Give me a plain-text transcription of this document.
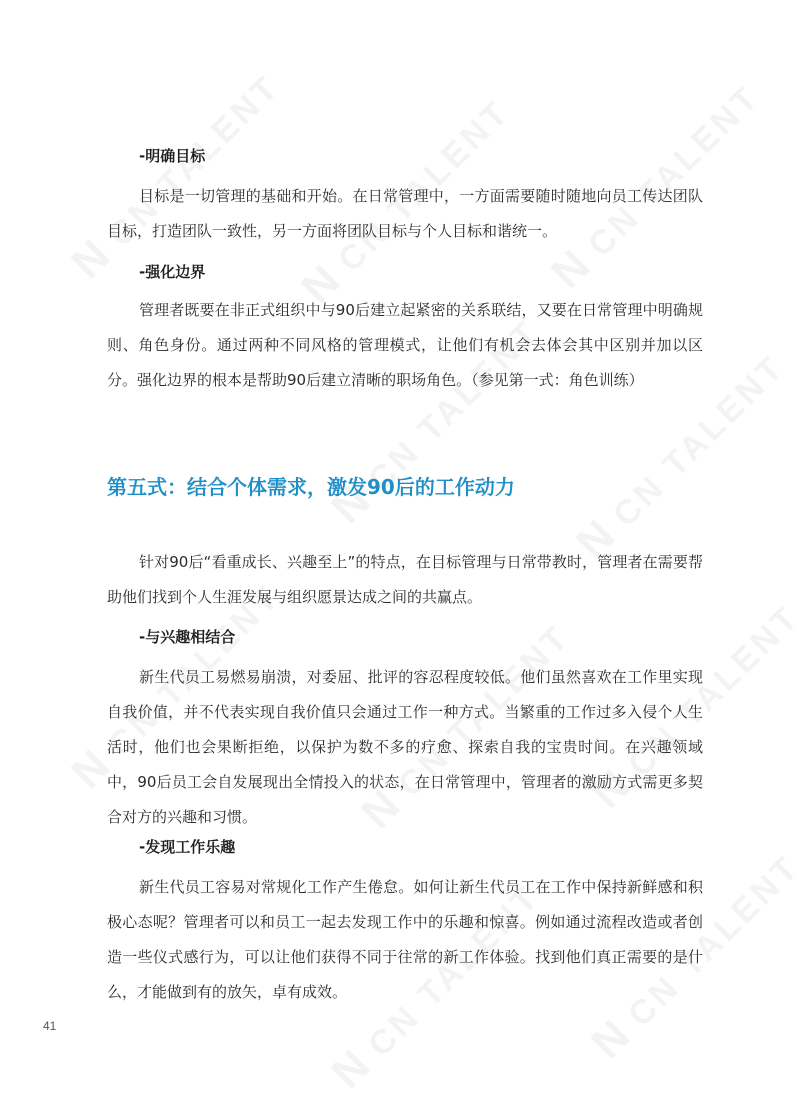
-明确目标

目标是一切管理的基础和开始。在日常管理中，一方面需要随时随地向员工传达团队目标，打造团队一致性，另一方面将团队目标与个人目标和谐统一。

-强化边界

管理者既要在非正式组织中与90后建立起紧密的关系联结，又要在日常管理中明确规则、角色身份。通过两种不同风格的管理模式，让他们有机会去体会其中区别并加以区分。强化边界的根本是帮助90后建立清晰的职场角色。（参见第一式：角色训练）

第五式：结合个体需求，激发90后的工作动力

针对90后“看重成长、兴趣至上”的特点，在目标管理与日常带教时，管理者在需要帮助他们找到个人生涯发展与组织愿景达成之间的共赢点。

-与兴趣相结合

新生代员工易燃易崩溃，对委屈、批评的容忍程度较低。他们虽然喜欢在工作里实现自我价值，并不代表实现自我价值只会通过工作一种方式。当繁重的工作过多入侵个人生活时，他们也会果断拒绝，以保护为数不多的疗愈、探索自我的宝贵时间。在兴趣领域中，90后员工会自发展现出全情投入的状态，在日常管理中，管理者的激励方式需更多契合对方的兴趣和习惯。

-发现工作乐趣

新生代员工容易对常规化工作产生倦怠。如何让新生代员工在工作中保持新鲜感和积极心态呢？管理者可以和员工一起去发现工作中的乐趣和惊喜。例如通过流程改造或者创造一些仪式感行为，可以让他们获得不同于往常的新工作体验。找到他们真正需要的是什么，才能做到有的放矢，卓有成效。

41
